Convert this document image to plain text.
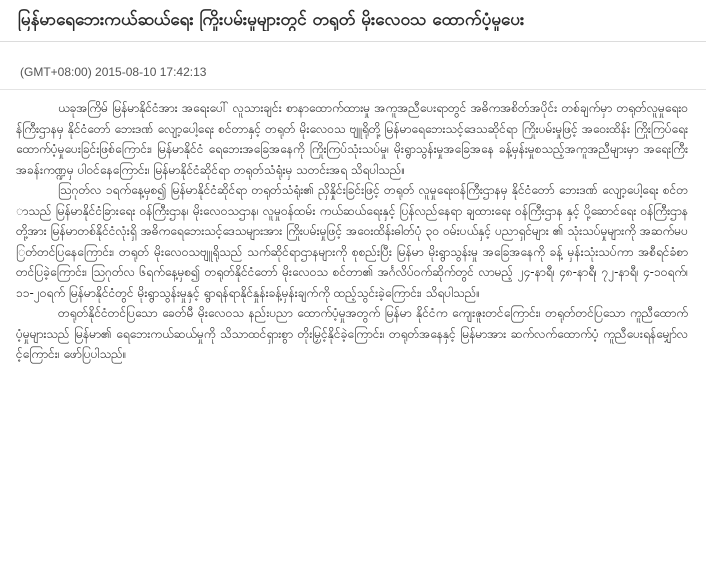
မြန်မာရေဘေးကယ်ဆယ်ရေး ကြိုးပမ်းမှုများတွင် တရုတ် မိုးလေဝသ ထောက်ပံ့မှုပေး
(GMT+08:00) 2015-08-10 17:42:13

ယခုအကြိမ် မြန်မာနိုင်ငံအား အရေးပေါ် လူသားချင်း စာနာထောက်ထားမှု အကူအညီပေးရာတွင် အဓိကအစိတ်အပိုင်း တစ်ချက်မှာ တရုတ်လူမှုရေးဝန်ကြီးဌာနမှ နိုင်ငံတော် ဘေးဒဏ် လျော့ပေါ့ရေး စင်တာနှင့် တရုတ် မိုးလေဝသ ဗျူရိုတို့ မြန်မာရေဘေးသင့်ဒေသဆိုင်ရာ ကြိုးပမ်းမှုဖြင့် အဝေးထိန်း ကြိုးကြပ်ရေး ထောက်ပံ့မှုပေးခြင်းဖြစ်ကြောင်း၊ မြန်မာနိုင်ငံ ရေဘေးအခြေအနေကို ကြိုးကြပ်သုံးသပ်မှု၊ မိုးရွာသွန်းမှုအခြေအနေ ခန့်မှန်းမှုစသည့်အကူအညီများမှာ အရေးကြီး အခန်းကဏ္ဍမှ ပါဝင်နေကြောင်း၊ မြန်မာနိုင်ငံဆိုင်ရာ တရုတ်သံရုံးမှ သတင်းအရ သိရပါသည်။

ဩဂုတ်လ ၁ရက်နေ့မှစ၍ မြန်မာနိုင်ငံဆိုင်ရာ တရုတ်သံရုံး၏ ညှိနှိုင်းခြင်းဖြင့် တရုတ် လူမှုရေးဝန်ကြီးဌာနမှ နိုင်ငံတော် ဘေးဒဏ် လျော့ပေါ့ရေး စင်တာသည် မြန်မာနိုင်ငံခြားရေး ဝန်ကြီးဌာန၊ မိုးလေဝသဌာန၊ လူမှုဝန်ထမ်း ကယ်ဆယ်ရေးနှင့် ပြန်လည်နေရာ ချထားရေး ဝန်ကြီးဌာန နှင့် ပို့ဆောင်ရေး ဝန်ကြီးဌာနတို့အား မြန်မာတစ်နိုင်ငံလုံးရှိ အဓိကရေဘေးသင့်ဒေသများအား ကြိုးပမ်းမှုဖြင့် အဝေးထိန်းဓါတ်ပုံ ၃၀ ဝမ်းပယ်နှင့် ပညာရှင်များ ၏ သုံးသပ်မှုများကို အဆက်မပြတ်တင်ပြနေကြောင်း၊ တရုတ် မိုးလေဝသဗျူရိုသည် သက်ဆိုင်ရာဌာနများကို စုစည်းပြီး မြန်မာ မိုးရွာသွန်းမှု အခြေအနေကို ခန့် မှန်းသုံးသပ်ကာ အစီရင်ခံစာတင်ပြခဲ့ကြောင်း၊ ဩဂုတ်လ ၆ရက်နေ့မှစ၍ တရုတ်နိုင်ငံတော် မိုးလေဝသ စင်တာ၏ အင်္ဂလိပ်ဝက်ဆိုက်တွင် လာမည့် ၂၄-နာရီ၊ ၄၈-နာရီ၊ ၇၂-နာရီ၊ ၄-၁၀ရက်၊ ၁၁-၂၀ရက် မြန်မာနိုင်ငံတွင် မိုးရွာသွန်းမှုနှင့် ရွာရန်ရာနိုင်နှုန်းခန့်မှန်းချက်ကို ထည့်သွင်းခဲ့ကြောင်း၊ သိရပါသည်။

တရုတ်နိုင်ငံတင်ပြသော ခေတ်မီ မိုးလေဝသ နည်းပညာ ထောက်ပံ့မှုအတွက် မြန်မာ နိုင်ငံက ကျေးဇူးတင်ကြောင်း၊ တရုတ်တင်ပြသော ကူညီထောက်ပံ့မှုများသည် မြန်မာ၏ ရေဘေးကယ်ဆယ်မှုကို သိသာထင်ရှားစွာ တိုးမြှင့်နိုင်ခဲ့ကြောင်း၊ တရုတ်အနေနှင့် မြန်မာအား ဆက်လက်ထောက်ပံ့ ကူညီပေးရန်မျှော်လင့်ကြောင်း၊ ဖော်ပြပါသည်။
